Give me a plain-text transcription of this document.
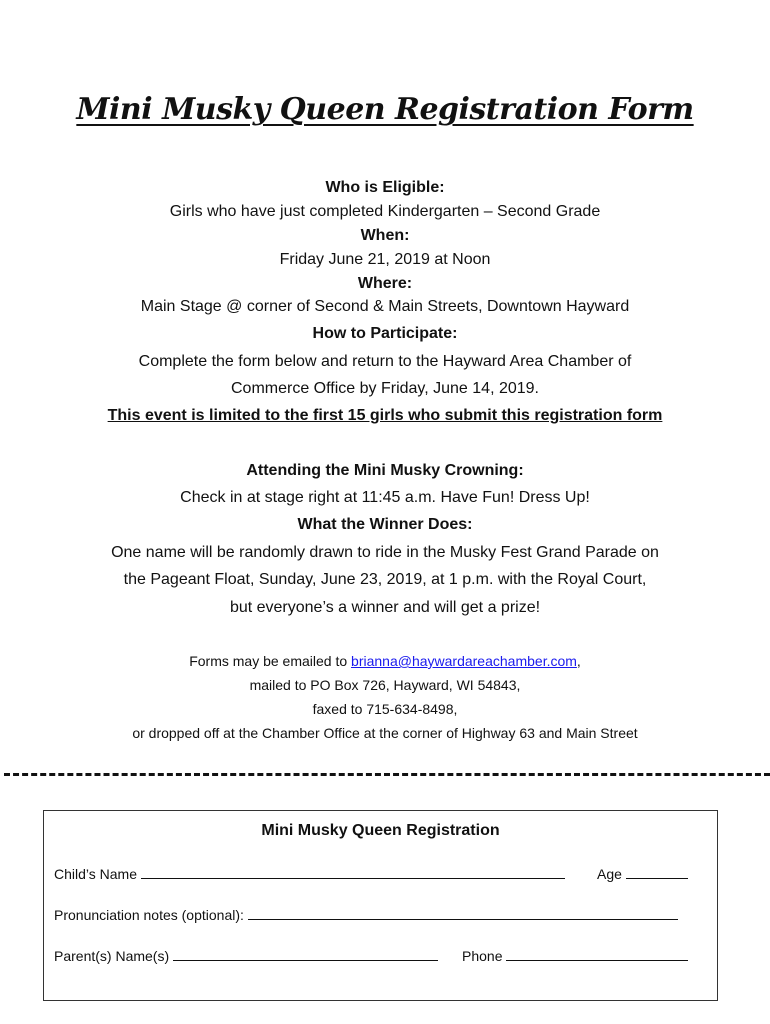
Mini Musky Queen Registration Form
Who is Eligible:
Girls who have just completed Kindergarten – Second Grade
When:
Friday June 21, 2019 at Noon
Where:
Main Stage @ corner of Second & Main Streets, Downtown Hayward
How to Participate:
Complete the form below and return to the Hayward Area Chamber of
Commerce Office by Friday, June 14, 2019.
This event is limited to the first 15 girls who submit this registration form
Attending the Mini Musky Crowning:
Check in at stage right at 11:45 a.m. Have Fun! Dress Up!
What the Winner Does:
One name will be randomly drawn to ride in the Musky Fest Grand Parade on
the Pageant Float, Sunday, June 23, 2019, at 1 p.m. with the Royal Court,
but everyone’s a winner and will get a prize!
Forms may be emailed to brianna@haywardareachamber.com,
mailed to PO Box 726, Hayward, WI 54843,
faxed to 715-634-8498,
or dropped off at the Chamber Office at the corner of Highway 63 and Main Street
Mini Musky Queen Registration
Child’s Name	Age
Pronunciation notes (optional):
Parent(s) Name(s)	Phone
